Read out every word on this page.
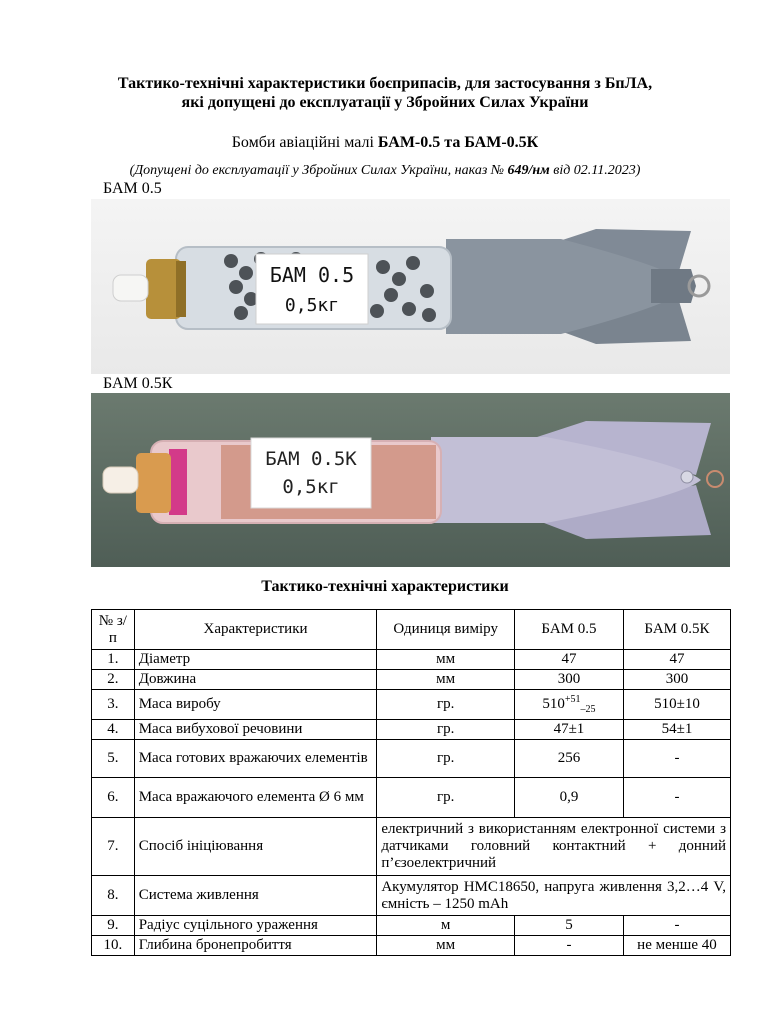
Тактико-технічні характеристики боєприпасів, для застосування з БпЛА,
які допущені до експлуатації у Збройних Силах України
Бомби авіаційні малі БАМ-0.5 та БАМ-0.5К
(Допущені до експлуатації у Збройних Силах України, наказ № 649/нм від 02.11.2023)
БАМ 0.5
БАМ 0.5
0,5кг
БАМ 0.5К
БАМ 0.5К
0,5кг
Тактико-технічні характеристики
№ з/п	Характеристики	Одиниця виміру	БАМ 0.5	БАМ 0.5К
1.	Діаметр	мм	47	47
2.	Довжина	мм	300	300
3.	Маса виробу	гр.	$510^{+51}_{-25}$	510±10
4.	Маса вибухової речовини	гр.	47±1	54±1
5.	Маса готових вражаючих елементів	гр.	256	-
6.	Маса вражаючого елемента Ø 6 мм	гр.	0,9	-
7.	Спосіб ініціювання	електричний з використанням електронної системи з датчиками головний контактний + донний п’єзоелектричний		
8.	Система живлення	Акумулятор НМС18650, напруга живлення 3,2…4 V, ємність – 1250 mAh		
9.	Радіус суцільного ураження	м	5	-
10.	Глибина бронепробиття	мм	-	не менше 40
